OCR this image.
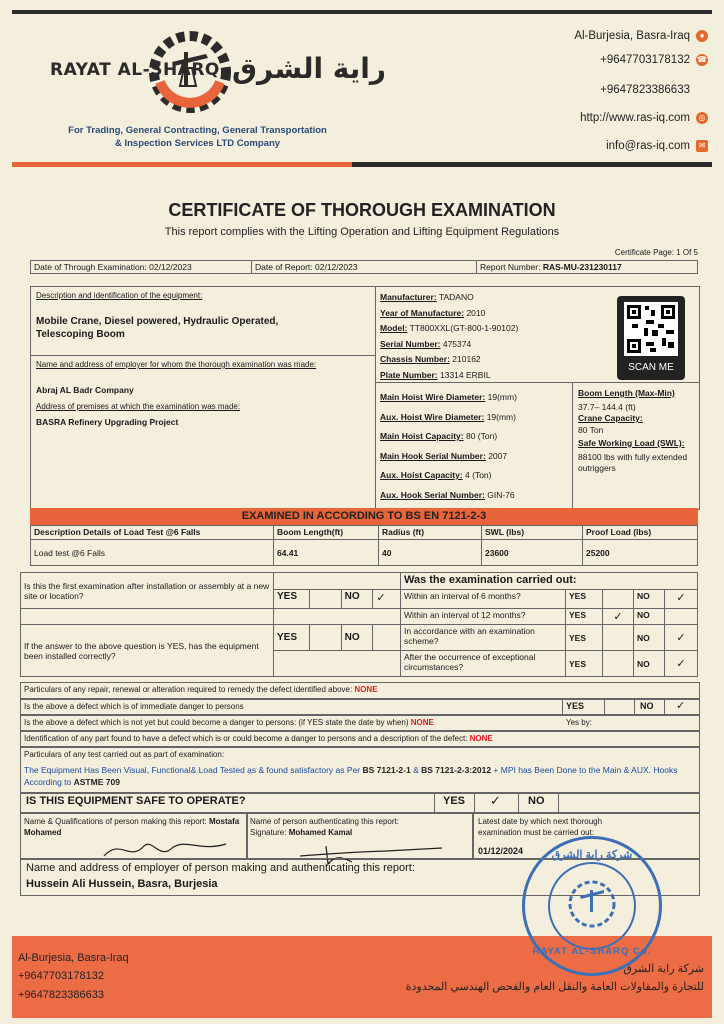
RAYAT AL-SHARQ راية الشرق
For Trading, General Contracting, General Transportation
& Inspection Services LTD Company
Al-Burjesia, Basra-Iraq ●
+9647703178132 ☎
+9647823386633
http://www.ras-iq.com ◎
info@ras-iq.com ✉
CERTIFICATE OF THOROUGH EXAMINATION
This report complies with the Lifting Operation and Lifting Equipment Regulations
Certificate Page: 1 Of 5
Date of Through Examination: 02/12/2023	Date of Report: 02/12/2023	Report Number: RAS-MU-231230117
Description and identification of the equipment:
Mobile Crane, Diesel powered, Hydraulic Operated, Telescoping Boom
Name and address of employer for whom the thorough examination was made:
Abraj AL Badr Company
Address of premises at which the examination was made:
BASRA Refinery Upgrading Project
Manufacturer: TADANO
Year of Manufacture: 2010
Model: TT800XXL(GT-800-1-90102)
Serial Number: 475374
Chassis Number: 210162
Plate Number: 13314 ERBIL
SCAN ME
Main Hoist Wire Diameter: 19(mm)
Aux. Hoist Wire Diameter: 19(mm)
Main Hoist Capacity: 80 (Ton)
Main Hook Serial Number: 2007
Aux. Hoist Capacity: 4 (Ton)
Aux. Hook Serial Number: GIN-76
Boom Length (Max-Min)
37.7– 144.4 (ft)
Crane Capacity:
80 Ton
Safe Working Load (SWL):
88100 lbs with fully extended outriggers
EXAMINED IN ACCORDING TO BS EN 7121-2-3
Description Details of Load Test @6 Falls	Boom Length(ft)	Radius (ft)	SWL (lbs)	Proof Load (lbs)
Load test @6 Falls	64.41	40	23600	25200
Is this the first examination after installation or assembly at a new site or location?					Was the examination carried out:				
	YES		NO	✓	Within an interval of 6 months?	YES		NO	✓
					Within an interval of 12 months?	YES	✓	NO	
If the answer to the above question is YES, has the equipment been installed correctly?	YES		NO		In accordance with an examination scheme?	YES		NO	✓
					After the occurrence of exceptional circumstances?	YES		NO	✓
Particulars of any repair, renewal or alteration required to remedy the defect identified above: NONE
Is the above a defect which is of immediate danger to persons	YES	NO ✓
Is the above a defect which is not yet but could become a danger to persons: (if YES state the date by when) NONE	Yes by:
Identification of any part found to have a defect which is or could become a danger to persons and a description of the defect: NONE
Particulars of any test carried out as part of examination:
The Equipment Has Been Visual, Functional& Load Tested as & found satisfactory as Per BS 7121-2-1 & BS 7121-2-3:2012 + MPI has Been Done to the Main & AUX. Hooks According to ASTME 709
IS THIS EQUIPMENT SAFE TO OPERATE?	YES ✓ NO
Name & Qualifications of person making this report: Mostafa Mohamed
Name of person authenticating this report:
Signature: Mohamed Kamal
Latest date by which next thorough examination must be carried out:
01/12/2024
Name and address of employer of person making and authenticating this report:
Hussein Ali Hussein, Basra, Burjesia
Al-Burjesia, Basra-Iraq
+9647703178132
+9647823386633
شركة راية الشرق
للتجارة والمقاولات العامة والنقل العام والفحص الهندسي المحدودة
شركة راية الشرق
RAYAT AL-SHARQ Co.
